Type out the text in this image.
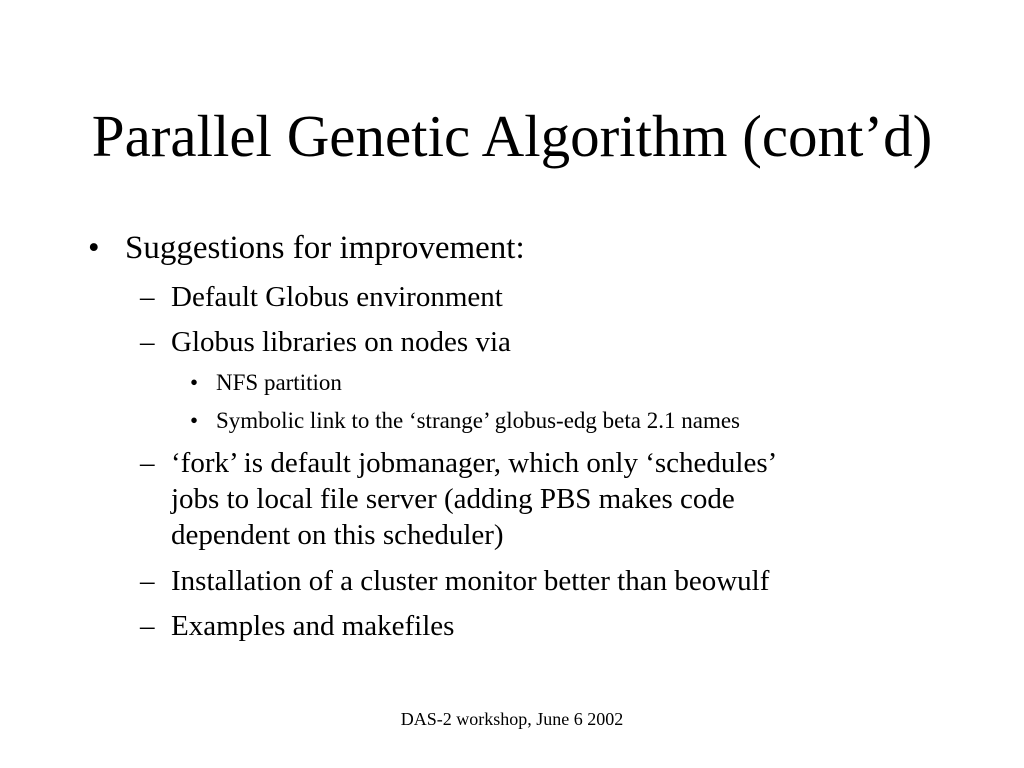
Parallel Genetic Algorithm (cont’d)
• Suggestions for improvement:
– Default Globus environment
– Globus libraries on nodes via
• NFS partition
• Symbolic link to the ‘strange’ globus-edg beta 2.1 names
– ‘fork’ is default jobmanager, which only ‘schedules’
jobs to local file server (adding PBS makes code
dependent on this scheduler)
– Installation of a cluster monitor better than beowulf
– Examples and makefiles
DAS-2 workshop, June 6 2002
